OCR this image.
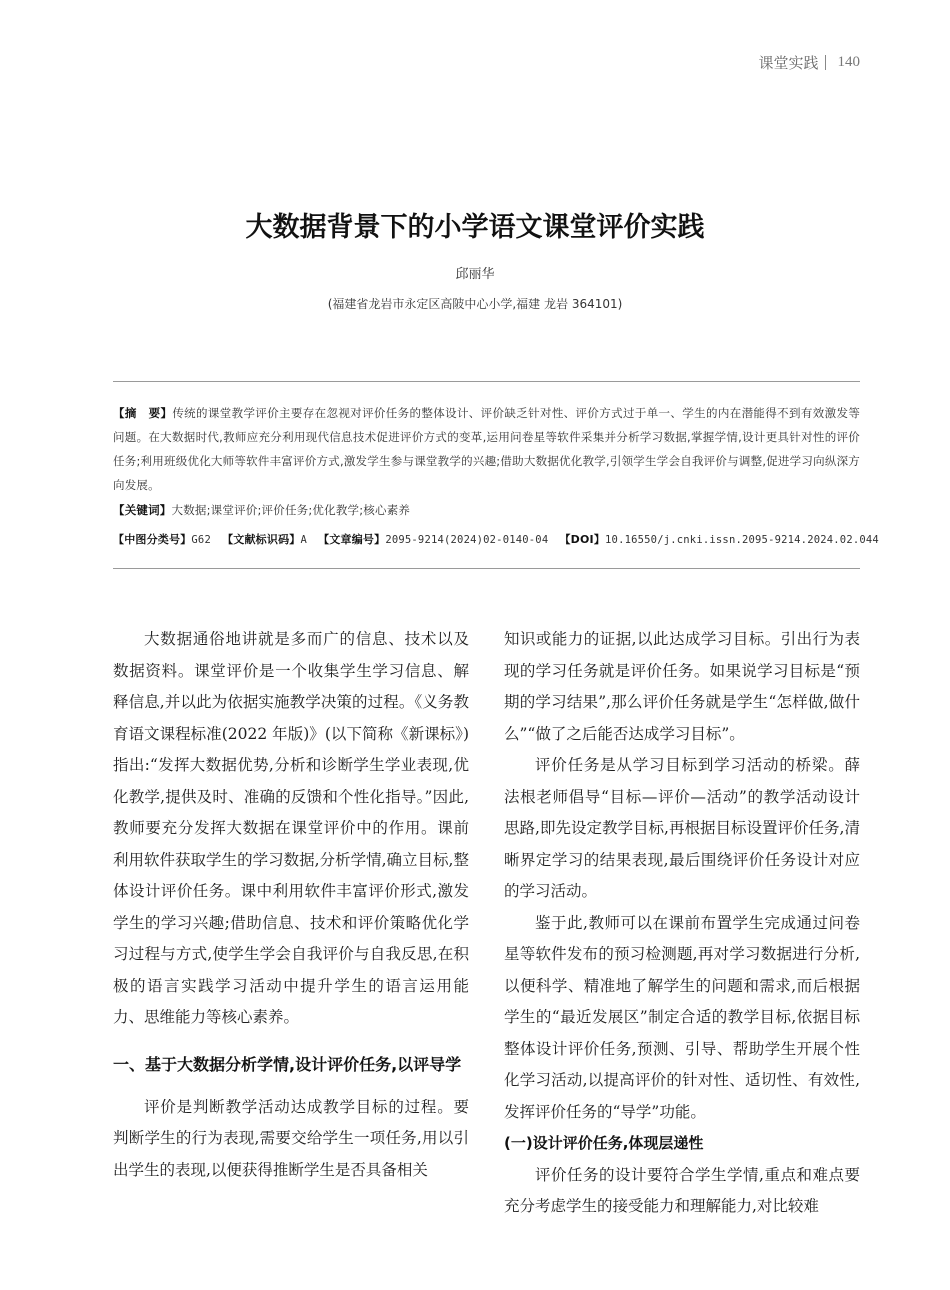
课堂实践 140
大数据背景下的小学语文课堂评价实践
邱丽华
(福建省龙岩市永定区高陂中心小学,福建 龙岩 364101)
【摘　要】传统的课堂教学评价主要存在忽视对评价任务的整体设计、评价缺乏针对性、评价方式过于单一、学生的内在潜能得不到有效激发等问题。在大数据时代,教师应充分利用现代信息技术促进评价方式的变革,运用问卷星等软件采集并分析学习数据,掌握学情,设计更具针对性的评价任务;利用班级优化大师等软件丰富评价方式,激发学生参与课堂教学的兴趣;借助大数据优化教学,引领学生学会自我评价与调整,促进学习向纵深方向发展。
【关键词】大数据;课堂评价;评价任务;优化教学;核心素养
【中图分类号】G62 【文献标识码】A 【文章编号】2095-9214(2024)02-0140-04 【DOI】10.16550/j.cnki.issn.2095-9214.2024.02.044

大数据通俗地讲就是多而广的信息、技术以及数据资料。课堂评价是一个收集学生学习信息、解释信息,并以此为依据实施教学决策的过程。《义务教育语文课程标准(2022 年版)》(以下简称《新课标》)指出:“发挥大数据优势,分析和诊断学生学业表现,优化教学,提供及时、准确的反馈和个性化指导。”因此,教师要充分发挥大数据在课堂评价中的作用。课前利用软件获取学生的学习数据,分析学情,确立目标,整体设计评价任务。课中利用软件丰富评价形式,激发学生的学习兴趣;借助信息、技术和评价策略优化学习过程与方式,使学生学会自我评价与自我反思,在积极的语言实践学习活动中提升学生的语言运用能力、思维能力等核心素养。

一、基于大数据分析学情,设计评价任务,以评导学

评价是判断教学活动达成教学目标的过程。要判断学生的行为表现,需要交给学生一项任务,用以引出学生的表现,以便获得推断学生是否具备相关

知识或能力的证据,以此达成学习目标。引出行为表现的学习任务就是评价任务。如果说学习目标是“预期的学习结果”,那么评价任务就是学生“怎样做,做什么”“做了之后能否达成学习目标”。

评价任务是从学习目标到学习活动的桥梁。薛法根老师倡导“目标—评价—活动”的教学活动设计思路,即先设定教学目标,再根据目标设置评价任务,清晰界定学习的结果表现,最后围绕评价任务设计对应的学习活动。

鉴于此,教师可以在课前布置学生完成通过问卷星等软件发布的预习检测题,再对学习数据进行分析,以便科学、精准地了解学生的问题和需求,而后根据学生的“最近发展区”制定合适的教学目标,依据目标整体设计评价任务,预测、引导、帮助学生开展个性化学习活动,以提高评价的针对性、适切性、有效性,发挥评价任务的“导学”功能。

(一)设计评价任务,体现层递性

评价任务的设计要符合学生学情,重点和难点要充分考虑学生的接受能力和理解能力,对比较难
